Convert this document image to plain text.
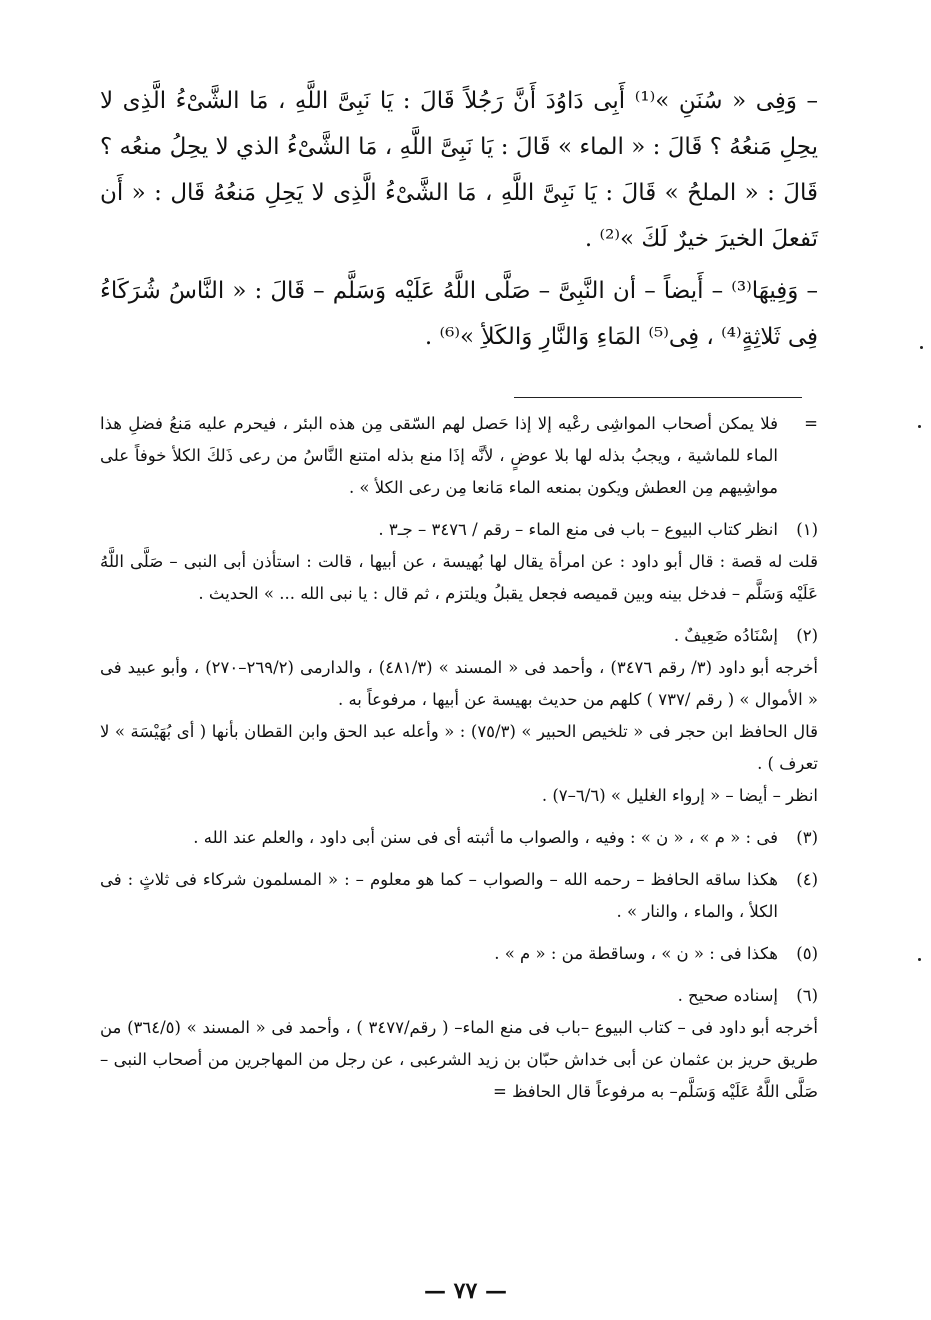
– وَفِى « سُنَنِ »⁽¹⁾ أَبِى دَاوُدَ أَنَّ رَجُلاً قَالَ : يَا نَبِىَّ اللَّهِ ، مَا الشَّىْءُ الَّذِى لا يحِلِ مَنعُهُ ؟ قَالَ : « الماء » قَالَ : يَا نَبِىَّ اللَّهِ ، مَا الشَّىْءُ الذي لا يحِلُ منعُه ؟ قَالَ : « الملحُ » قَالَ : يَا نَبِىَّ اللَّهِ ، مَا الشَّىْءُ الَّذِى لا يَحِلِ مَنعُهُ قَال : « أَن تَفعلَ الخيرَ خيرٌ لَكَ »⁽²⁾ .

– وَفِيهَا⁽³⁾ – أَيضاً – أن النَّبِىَّ – صَلَّى اللَّهُ عَلَيْه وَسَلَّم – قَالَ : « النَّاسُ شُرَكَاءُ فِى ثَلاثِةٍ⁽⁴⁾ ، فِى⁽⁵⁾ المَاءِ وَالنَّارِ وَالكَلأِ »⁽⁶⁾ .

=
فلا يمكن أصحاب المواشِى رعْيه إلا إذا حَصل لهم السّقى مِن هذه البئر ، فيحرم عليه مَنعُ فضلِ هذا الماء للماشية ، ويجبُ بذله لها بلا عوضٍ ، لأنَّه إذَا منع بذله امتنع النَّاسُ من رعى ذَلكَ الكلأ خوفاً على مواشِيهم مِن العطش ويكون بمنعه الماء مَانعا مِن رعى الكلأ » .
(١)
انظر كتاب البيوع – باب فى منع الماء – رقم / ٣٤٧٦ – جـ٣ .
قلت له قصة : قال أبو داود : عن امرأة يقال لها بُهيسة ، عن أبيها ، قالت : استأذن أبى النبى – صَلَّى اللَّهُ عَلَيْه وَسَلَّم – فدخل بينه وبين قميصه فجعل يقبلُ ويلتزم ، ثم قال : يا نبى الله ... » الحديث .
(٢)
إسْنَادُه ضَعِيفٌ .
أخرجه أبو داود (٣/ رقم ٣٤٧٦) ، وأحمد فى « المسند » (٤٨١/٣) ، والدارمى (٢٦٩/٢–٢٧٠) ، وأبو عبيد فى « الأموال » ( رقم /٧٣٧ ) كلهم من حديث بهيسة عن أبيها ، مرفوعاً به .
قال الحافظ ابن حجر فى « تلخيص الحبير » (٧٥/٣) : « وأعله عبد الحق وابن القطان بأنها ( أى بُهَيْسَة » لا تعرف ) .
انظر – أيضا – « إرواء الغليل » (٦/٦–٧) .
(٣)
فى : « م » ، « ن » : وفيه ، والصواب ما أثبته أى فى سنن أبى داود ، والعلم عند الله .
(٤)
هكذا ساقه الحافظ – رحمه الله – والصواب – كما هو معلوم – : « المسلمون شركاء فى ثلاثٍ : فى الكلأ ، والماء ، والنار » .
(٥)
هكذا فى : « ن » ، وساقطة من : « م » .
(٦)
إسناده صحيح .
أخرجه أبو داود فى – كتاب البيوع –باب فى منع الماء– ( رقم/٣٤٧٧ ) ، وأحمد فى « المسند » (٣٦٤/٥) من طريق حريز بن عثمان عن أبى خداش حبّان بن زيد الشرعبى ، عن رجل من المهاجرين من أصحاب النبى – صَلَّى اللَّهُ عَلَيْه وَسَلَّم– به مرفوعاً قال الحافظ =
— ٧٧ —
